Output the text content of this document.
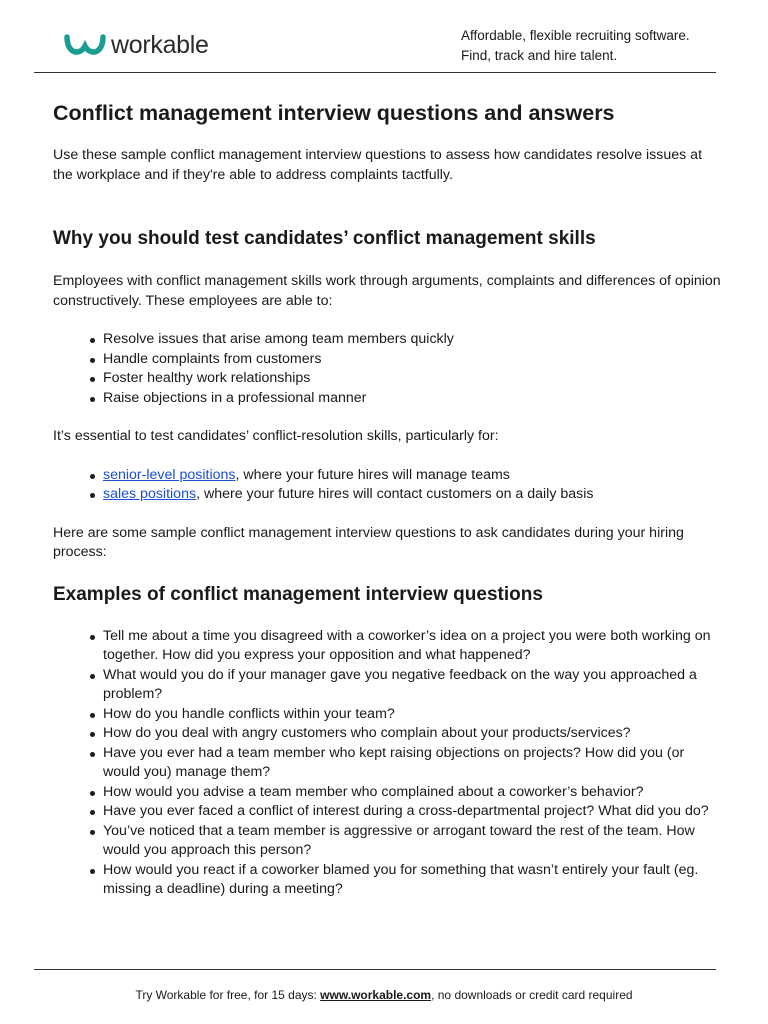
workable	Affordable, flexible recruiting software.
Find, track and hire talent.
Conflict management interview questions and answers

Use these sample conflict management interview questions to assess how candidates resolve issues at the workplace and if they're able to address complaints tactfully.

Why you should test candidates’ conflict management skills

Employees with conflict management skills work through arguments, complaints and differences of opinion constructively. These employees are able to:

Resolve issues that arise among team members quickly
Handle complaints from customers
Foster healthy work relationships
Raise objections in a professional manner

It’s essential to test candidates’ conflict-resolution skills, particularly for:

senior-level positions, where your future hires will manage teams
sales positions, where your future hires will contact customers on a daily basis

Here are some sample conflict management interview questions to ask candidates during your hiring process:

Examples of conflict management interview questions
Tell me about a time you disagreed with a coworker’s idea on a project you were both working on together. How did you express your opposition and what happened?
What would you do if your manager gave you negative feedback on the way you approached a problem?
How do you handle conflicts within your team?
How do you deal with angry customers who complain about your products/services?
Have you ever had a team member who kept raising objections on projects? How did you (or would you) manage them?
How would you advise a team member who complained about a coworker’s behavior?
Have you ever faced a conflict of interest during a cross-departmental project? What did you do?
You’ve noticed that a team member is aggressive or arrogant toward the rest of the team. How would you approach this person?
How would you react if a coworker blamed you for something that wasn’t entirely your fault (eg. missing a deadline) during a meeting?
Try Workable for free, for 15 days: www.workable.com, no downloads or credit card required
